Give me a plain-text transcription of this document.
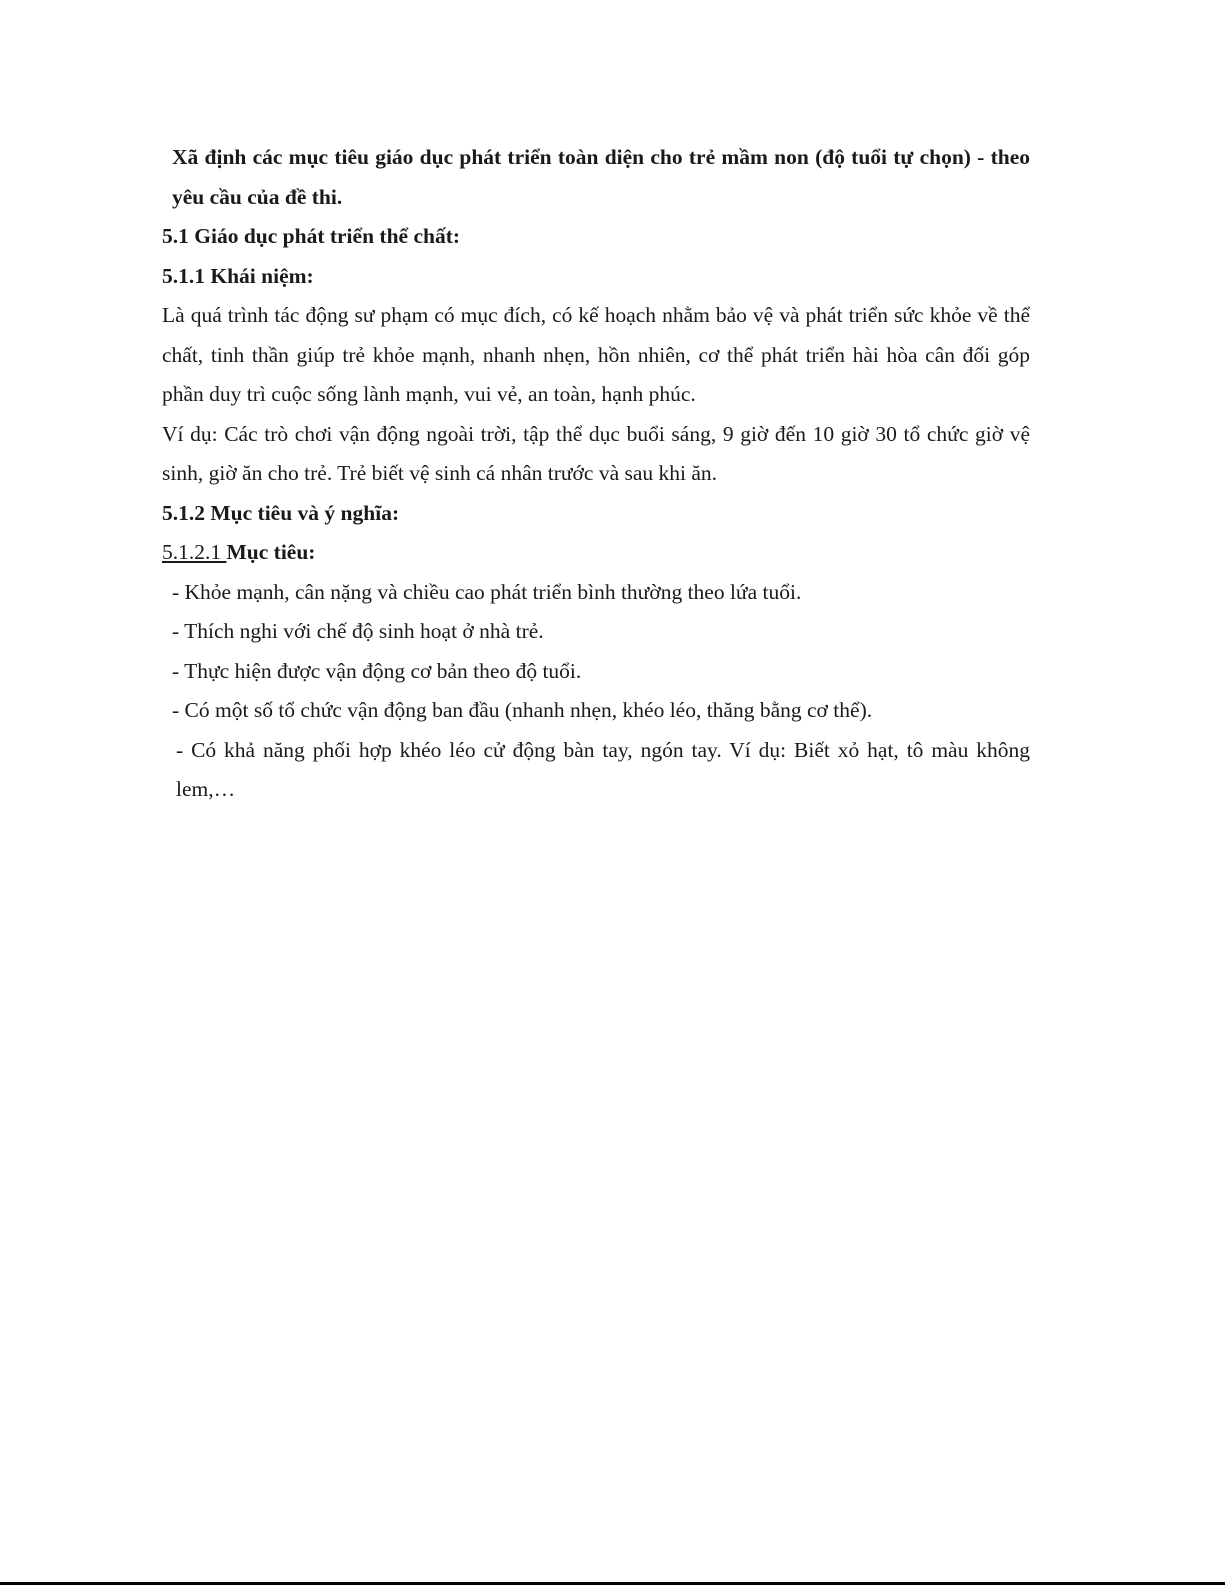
Xã định các mục tiêu giáo dục phát triển toàn diện cho trẻ mầm non (độ tuổi tự chọn) - theo yêu cầu của đề thi.

5.1 Giáo dục phát triển thể chất:

5.1.1 Khái niệm:

Là quá trình tác động sư phạm có mục đích, có kế hoạch nhằm bảo vệ và phát triển sức khỏe về thể chất, tinh thần giúp trẻ khỏe mạnh, nhanh nhẹn, hồn nhiên, cơ thể phát triển hài hòa cân đối góp phần duy trì cuộc sống lành mạnh, vui vẻ, an toàn, hạnh phúc.

Ví dụ: Các trò chơi vận động ngoài trời, tập thể dục buổi sáng, 9 giờ đến 10 giờ 30 tổ chức giờ vệ sinh, giờ ăn cho trẻ. Trẻ biết vệ sinh cá nhân trước và sau khi ăn.

5.1.2 Mục tiêu và ý nghĩa:

5.1.2.1 Mục tiêu:

- Khỏe mạnh, cân nặng và chiều cao phát triển bình thường theo lứa tuổi.

- Thích nghi với chế độ sinh hoạt ở nhà trẻ.

- Thực hiện được vận động cơ bản theo độ tuổi.

- Có một số tổ chức vận động ban đầu (nhanh nhẹn, khéo léo, thăng bằng cơ thể).

- Có khả năng phối hợp khéo léo cử động bàn tay, ngón tay. Ví dụ: Biết xỏ hạt, tô màu không lem,…
